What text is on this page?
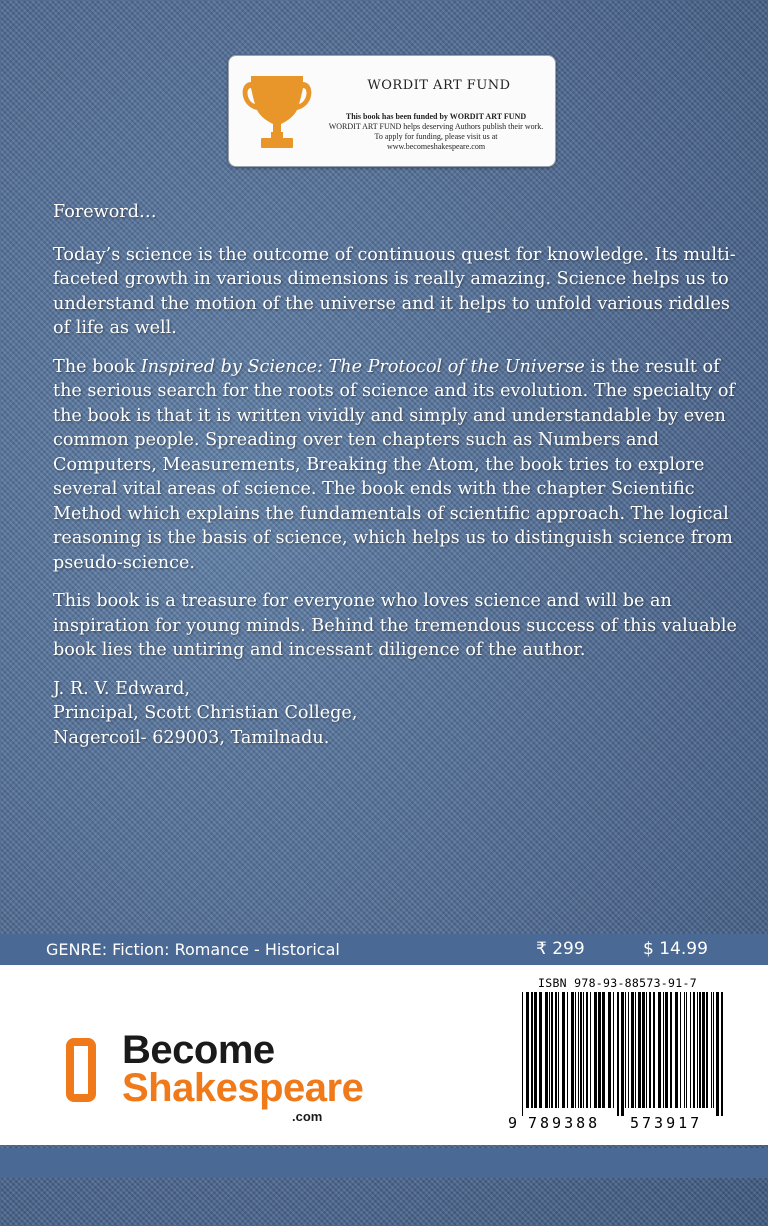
WORDIT ART FUND
This book has been funded by WORDIT ART FUND
WORDIT ART FUND helps deserving Authors publish their work.
To apply for funding, please visit us at
www.becomeshakespeare.com

Foreword…

Today’s science is the outcome of continuous quest for knowledge. Its multi-faceted growth in various dimensions is really amazing. Science helps us to understand the motion of the universe and it helps to unfold various riddles of life as well.

The book Inspired by Science: The Protocol of the Universe is the result of the serious search for the roots of science and its evolution. The specialty of the book is that it is written vividly and simply and understandable by even common people. Spreading over ten chapters such as Numbers and Computers, Measurements, Breaking the Atom, the book tries to explore several vital areas of science. The book ends with the chapter Scientific Method which explains the fundamentals of scientific approach. The logical reasoning is the basis of science, which helps us to distinguish science from pseudo-science.

This book is a treasure for everyone who loves science and will be an inspiration for young minds. Behind the tremendous success of this valuable book lies the untiring and incessant diligence of the author.

J. R. V. Edward,
Principal, Scott Christian College,
Nagercoil- 629003, Tamilnadu.
GENRE: Fiction: Romance - Historical	₹ 299	$ 14.99
Become
Shakespeare
.com
ISBN 978-93-88573-91-7
9 789388 573917
